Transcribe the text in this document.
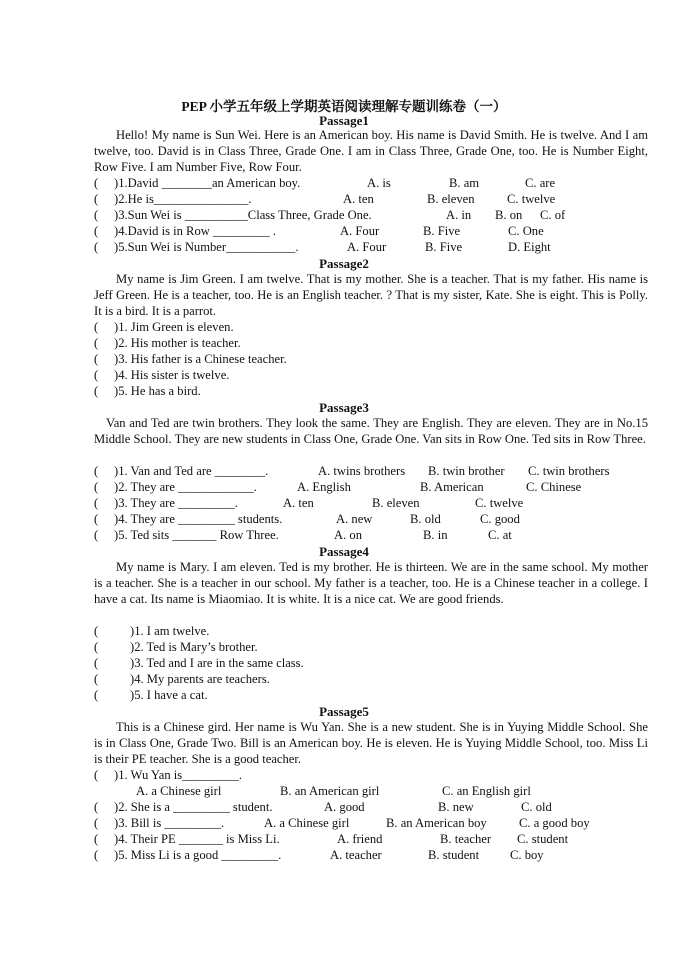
PEP 小学五年级上学期英语阅读理解专题训练卷（一）
Passage1
Hello! My name is Sun Wei. Here is an American boy. His name is David Smith. He is twelve. And I am twelve, too. David is in Class Three, Grade One. I am in Class Three, Grade One, too. He is Number Eight, Row Five. I am Number Five, Row Four.
( )1.David ________an American boy.	A. is	B. am	C. are
( )2.He is_______________.	A. ten	B. eleven	C. twelve
( )3.Sun Wei is __________Class Three, Grade One.	A. in B. on C. of
( )4.David is in Row _________ .	A. Four	B. Five	C. One
( )5.Sun Wei is Number___________.	A. Four	B. Five	D. Eight
Passage2
My name is Jim Green. I am twelve. That is my mother. She is a teacher. That is my father. His name is Jeff Green. He is a teacher, too. He is an English teacher. ? That is my sister, Kate. She is eight. This is Polly. It is a bird. It is a parrot.
( )1. Jim Green is eleven.
( )2. His mother is teacher.
( )3. His father is a Chinese teacher.
( )4. His sister is twelve.
( )5. He has a bird.
Passage3
Van and Ted are twin brothers. They look the same. They are English. They are eleven. They are in No.15 Middle School. They are new students in Class One, Grade One. Van sits in Row One. Ted sits in Row Three.
( )1. Van and Ted are ________.	A. twins brothers B. twin brother C. twin brothers
( )2. They are ____________.	A. English	B. American	C. Chinese
( )3. They are _________.	A. ten	B. eleven	C. twelve
( )4. They are _________ students.	A. new	B. old	C. good
( )5. Ted sits _______ Row Three.	A. on	B. in	C. at
Passage4
My name is Mary. I am eleven. Ted is my brother. He is thirteen. We are in the same school. My mother is a teacher. She is a teacher in our school. My father is a teacher, too. He is a Chinese teacher in a college. I have a cat. Its name is Miaomiao. It is white. It is a nice cat. We are good friends.
(	)1. I am twelve.
(	)2. Ted is Mary’s brother.
(	)3. Ted and I are in the same class.
(	)4. My parents are teachers.
(	)5. I have a cat.
Passage5
This is a Chinese gird. Her name is Wu Yan. She is a new student. She is in Yuying Middle School. She is in Class One, Grade Two. Bill is an American boy. He is eleven. He is Yuying Middle School, too. Miss Li is their PE teacher. She is a good teacher.
( )1. Wu Yan is_________.
A. a Chinese girl	B. an American girl	C. an English girl
( )2. She is a _________ student.	A. good	B. new	C. old
( )3. Bill is _________.	A. a Chinese girl	B. an American boy	C. a good boy
( )4. Their PE _______ is Miss Li.	A. friend	B. teacher C. student
( )5. Miss Li is a good _________.	A. teacher	B. student C. boy
